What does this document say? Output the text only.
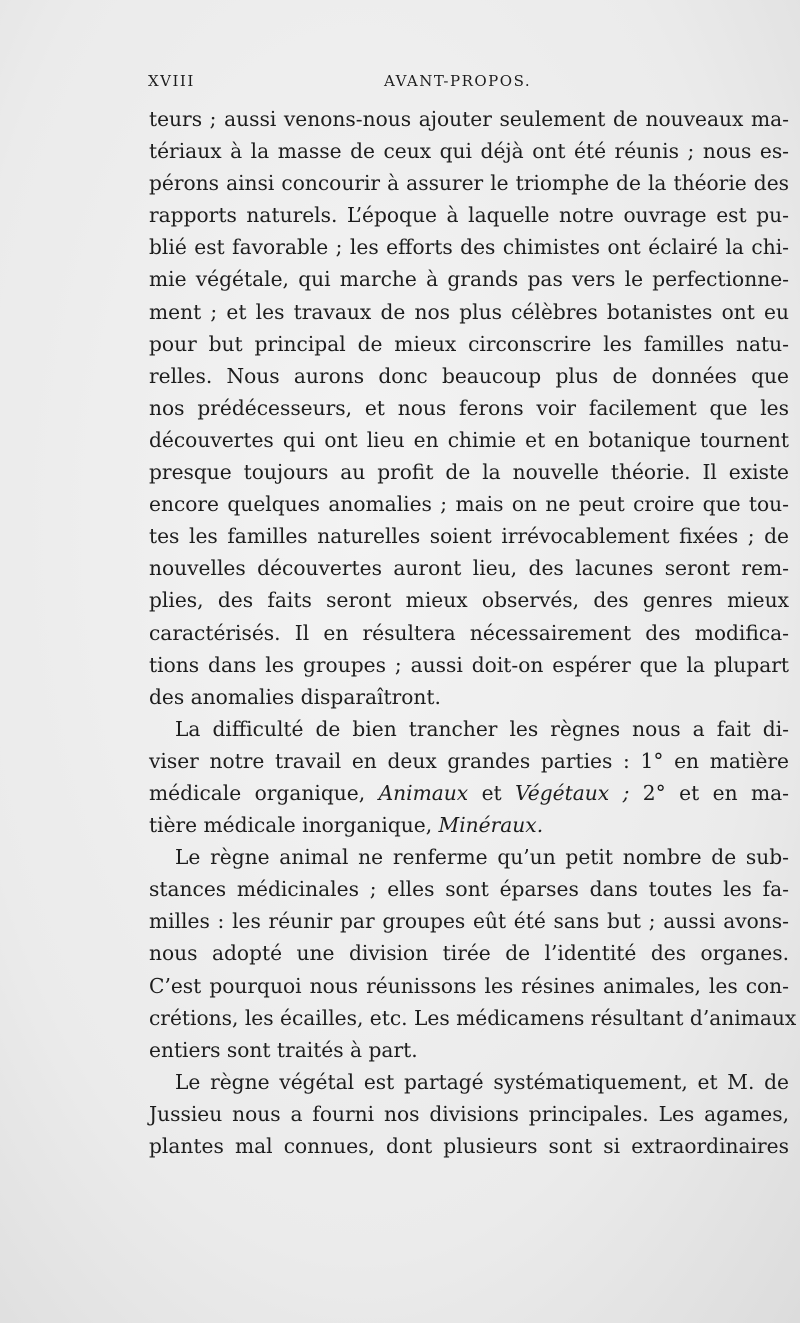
XVIII	AVANT-PROPOS.
teurs ; aussi venons-nous ajouter seulement de nouveaux ma-
tériaux à la masse de ceux qui déjà ont été réunis ; nous es-
pérons ainsi concourir à assurer le triomphe de la théorie des
rapports naturels. L’époque à laquelle notre ouvrage est pu-
blié est favorable ; les efforts des chimistes ont éclairé la chi-
mie végétale, qui marche à grands pas vers le perfectionne-
ment ; et les travaux de nos plus célèbres botanistes ont eu
pour but principal de mieux circonscrire les familles natu-
relles. Nous aurons donc beaucoup plus de données que
nos prédécesseurs, et nous ferons voir facilement que les
découvertes qui ont lieu en chimie et en botanique tournent
presque toujours au profit de la nouvelle théorie. Il existe
encore quelques anomalies ; mais on ne peut croire que tou-
tes les familles naturelles soient irrévocablement fixées ; de
nouvelles découvertes auront lieu, des lacunes seront rem-
plies, des faits seront mieux observés, des genres mieux
caractérisés. Il en résultera nécessairement des modifica-
tions dans les groupes ; aussi doit-on espérer que la plupart
des anomalies disparaîtront.
La difficulté de bien trancher les règnes nous a fait di-
viser notre travail en deux grandes parties : 1° en matière
médicale organique, Animaux et Végétaux ; 2° et en ma-
tière médicale inorganique, Minéraux.
Le règne animal ne renferme qu’un petit nombre de sub-
stances médicinales ; elles sont éparses dans toutes les fa-
milles : les réunir par groupes eût été sans but ; aussi avons-
nous adopté une division tirée de l’identité des organes.
C’est pourquoi nous réunissons les résines animales, les con-
crétions, les écailles, etc. Les médicamens résultant d’animaux
entiers sont traités à part.
Le règne végétal est partagé systématiquement, et M. de
Jussieu nous a fourni nos divisions principales. Les agames,
plantes mal connues, dont plusieurs sont si extraordinaires
